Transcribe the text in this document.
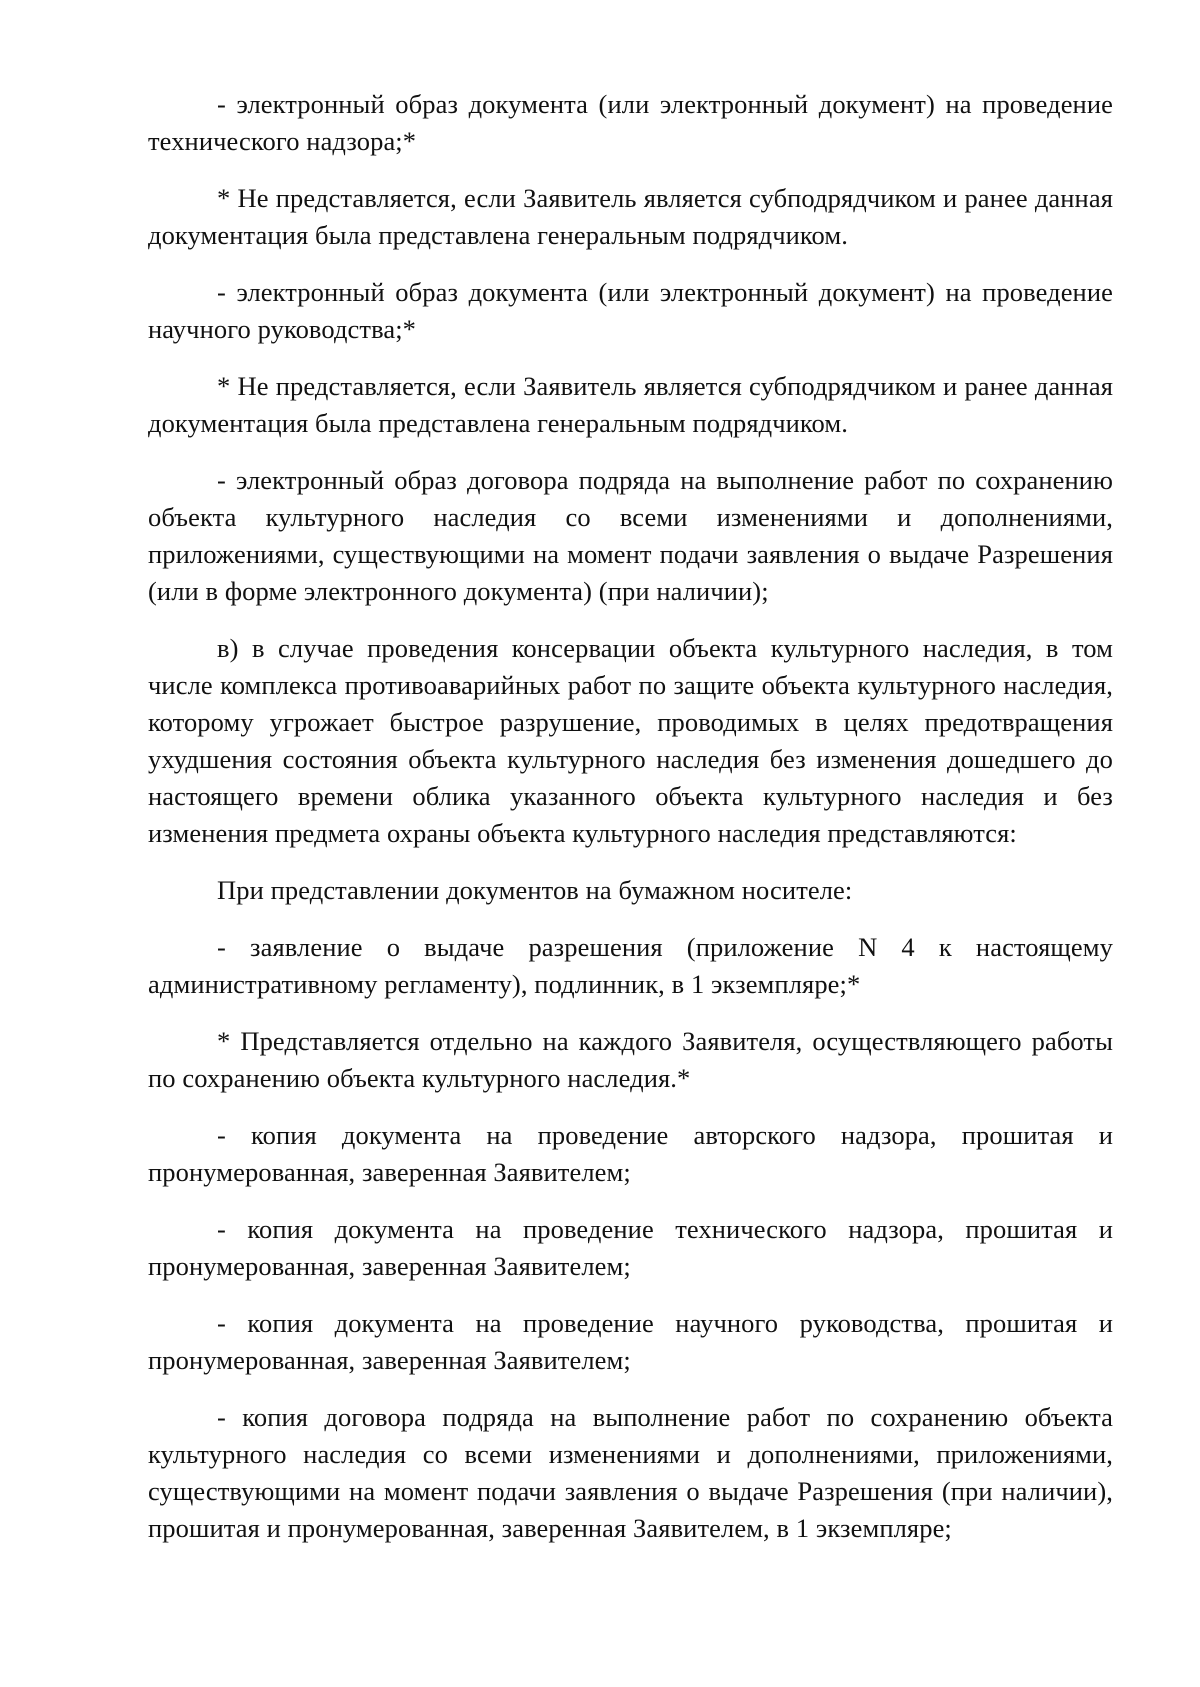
- электронный образ документа (или электронный документ) на проведение технического надзора;*

* Не представляется, если Заявитель является субподрядчиком и ранее данная документация была представлена генеральным подрядчиком.

- электронный образ документа (или электронный документ) на проведение научного руководства;*

* Не представляется, если Заявитель является субподрядчиком и ранее данная документация была представлена генеральным подрядчиком.

- электронный образ договора подряда на выполнение работ по сохранению объекта культурного наследия со всеми изменениями и дополнениями, приложениями, существующими на момент подачи заявления о выдаче Разрешения (или в форме электронного документа) (при наличии);

в) в случае проведения консервации объекта культурного наследия, в том числе комплекса противоаварийных работ по защите объекта культурного наследия, которому угрожает быстрое разрушение, проводимых в целях предотвращения ухудшения состояния объекта культурного наследия без изменения дошедшего до настоящего времени облика указанного объекта культурного наследия и без изменения предмета охраны объекта культурного наследия представляются:

При представлении документов на бумажном носителе:

- заявление о выдаче разрешения (приложение N 4 к настоящему административному регламенту), подлинник, в 1 экземпляре;*

* Представляется отдельно на каждого Заявителя, осуществляющего работы по сохранению объекта культурного наследия.*

- копия документа на проведение авторского надзора, прошитая и пронумерованная, заверенная Заявителем;

- копия документа на проведение технического надзора, прошитая и пронумерованная, заверенная Заявителем;

- копия документа на проведение научного руководства, прошитая и пронумерованная, заверенная Заявителем;

- копия договора подряда на выполнение работ по сохранению объекта культурного наследия со всеми изменениями и дополнениями, приложениями, существующими на момент подачи заявления о выдаче Разрешения (при наличии), прошитая и пронумерованная, заверенная Заявителем, в 1 экземпляре;
